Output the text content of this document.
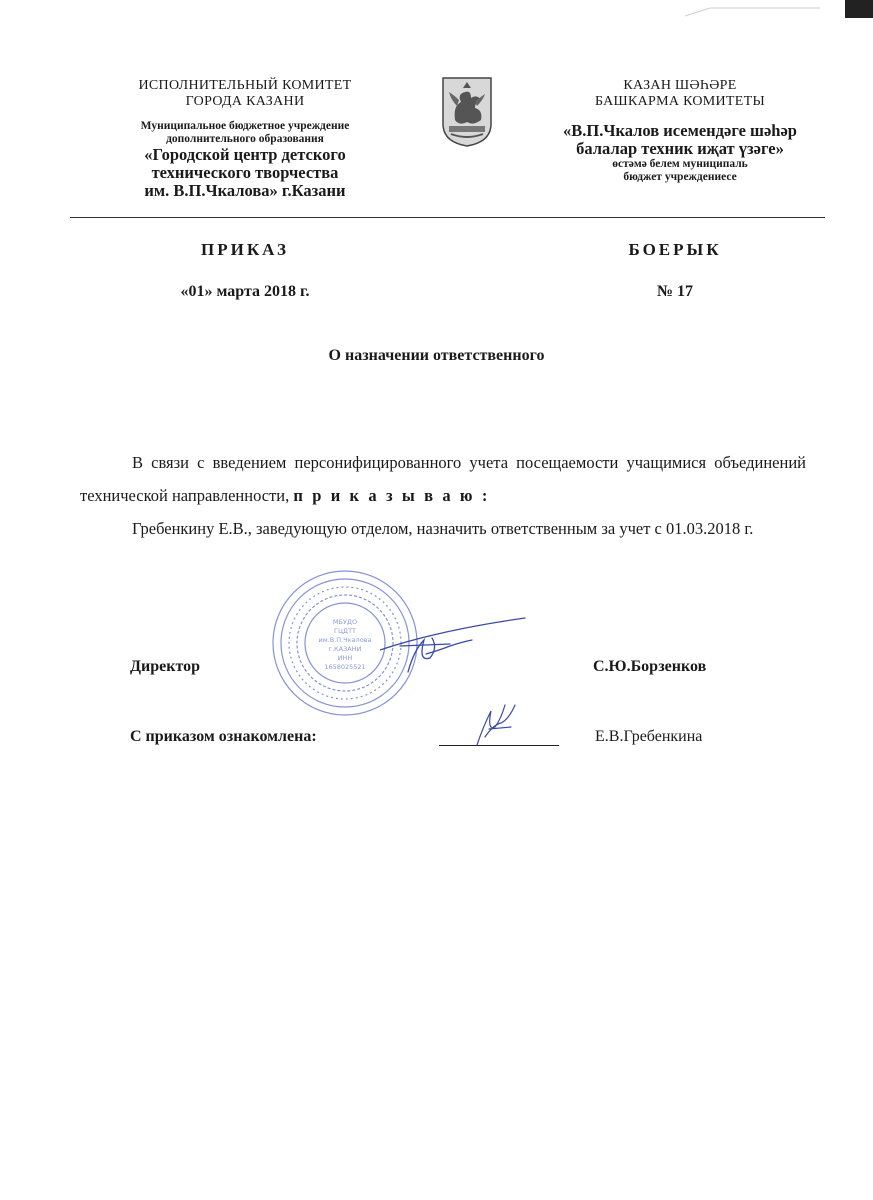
ИСПОЛНИТЕЛЬНЫЙ КОМИТЕТ
ГОРОДА КАЗАНИ
Муниципальное бюджетное учреждение
дополнительного образования
«Городской центр детского
технического творчества
им. В.П.Чкалова» г.Казани
КАЗАН ШӘҺӘРЕ
БАШКАРМА КОМИТЕТЫ
«В.П.Чкалов исемендәге шәһәр
балалар техник иҗат үзәге»
өстәмә белем муниципаль
бюджет учреждениесе
ПРИКАЗ	БОЕРЫК
«01» марта 2018 г.	№ 17
О назначении ответственного
В связи с введением персонифицированного учета посещаемости учащимися объединений технической направленности, п р и к а з ы в а ю :
Гребенкину Е.В., заведующую отделом, назначить ответственным за учет с 01.03.2018 г.
МБУДО
ГЦДТТ
им.В.П.Чкалова
г.КАЗАНИ
ИНН
1658025521
Директор	С.Ю.Борзенков
С приказом ознакомлена:	Е.В.Гребенкина
